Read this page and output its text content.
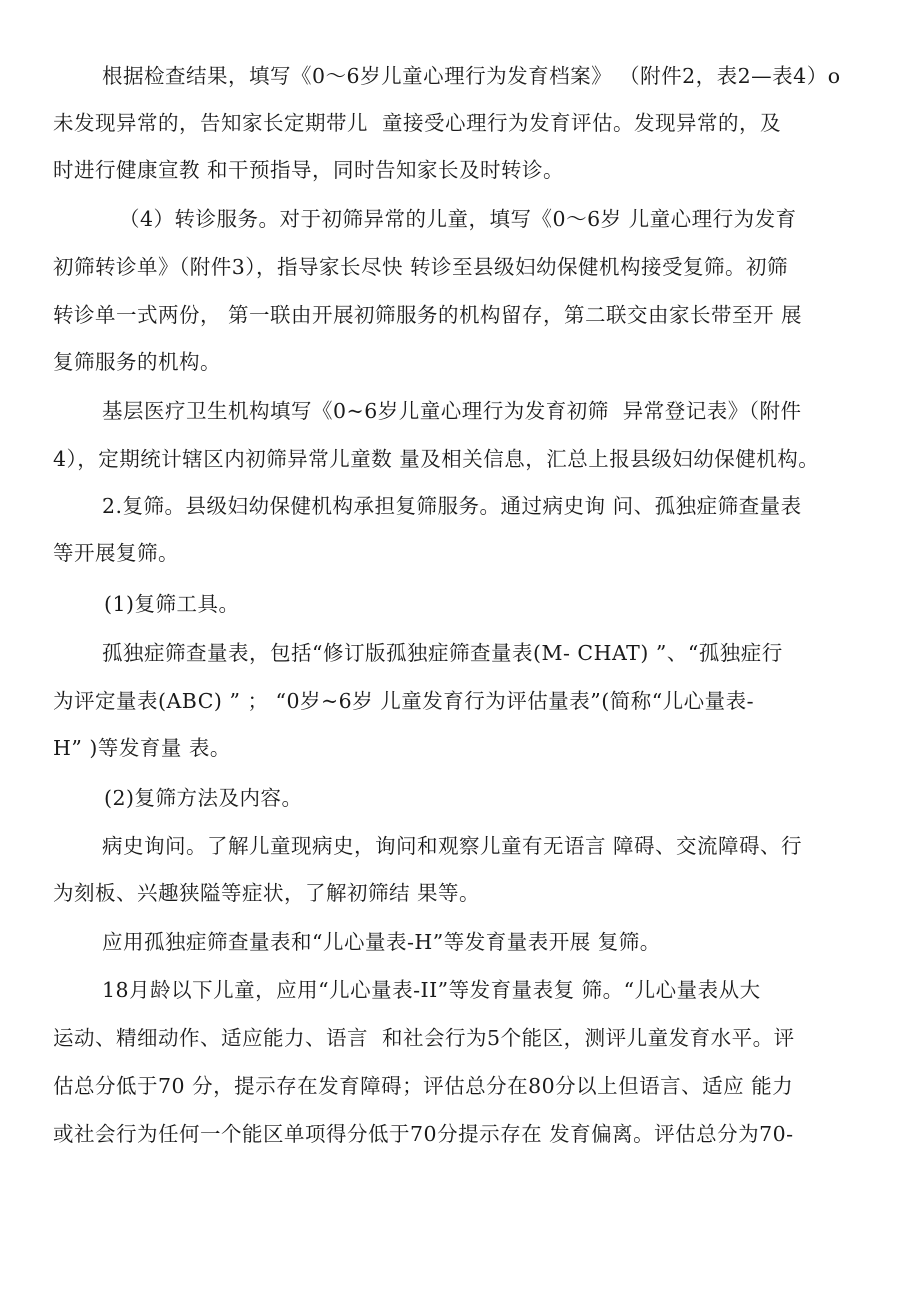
根据检查结果，填写《0～6岁儿童心理行为发育档案》 （附件2，表2—表4）o
未发现异常的，告知家长定期带儿  童接受心理行为发育评估。发现异常的，及
时进行健康宣教 和干预指导，同时告知家长及时转诊。
（4）转诊服务。对于初筛异常的儿童，填写《0～6岁 儿童心理行为发育
初筛转诊单》（附件3），指导家长尽快 转诊至县级妇幼保健机构接受复筛。初筛
转诊单一式两份， 第一联由开展初筛服务的机构留存，第二联交由家长带至开 展
复筛服务的机构。
基层医疗卫生机构填写《0~6岁儿童心理行为发育初筛  异常登记表》（附件
4），定期统计辖区内初筛异常儿童数 量及相关信息，汇总上报县级妇幼保健机构。
2.复筛。县级妇幼保健机构承担复筛服务。通过病史询 问、孤独症筛查量表
等开展复筛。
(1)复筛工具。
孤独症筛查量表，包括“修订版孤独症筛查量表(M- CHAT) ”、“孤独症行
为评定量表(ABC) ” ； “0岁~6岁 儿童发育行为评估量表”(简称“儿心量表-
H” )等发育量 表。
(2)复筛方法及内容。
病史询问。了解儿童现病史，询问和观察儿童有无语言 障碍、交流障碍、行
为刻板、兴趣狭隘等症状，了解初筛结 果等。
应用孤独症筛查量表和“儿心量表-H”等发育量表开展 复筛。
18月龄以下儿童，应用“儿心量表-II”等发育量表复 筛。“儿心量表从大
运动、精细动作、适应能力、语言  和社会行为5个能区，测评儿童发育水平。评
估总分低于70 分，提示存在发育障碍；评估总分在80分以上但语言、适应 能力
或社会行为任何一个能区单项得分低于70分提示存在 发育偏离。评估总分为70-
